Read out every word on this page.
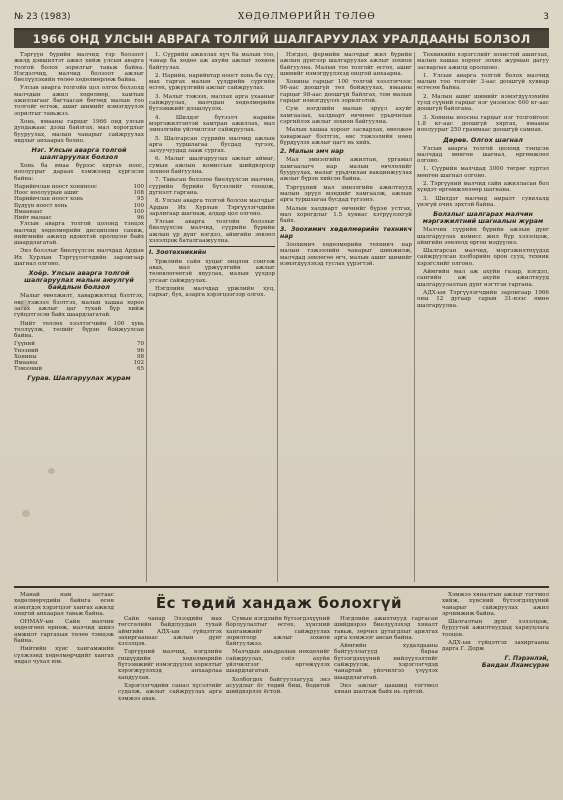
№ 23 (1983)	ХӨДӨЛМӨРИЙН ТӨЛӨӨ	3
1966 ОНД УЛСЫН АВРАГА ТОЛГИЙ ШАЛГАРУУЛАХ УРАЛДААНЫ БОЛЗОЛ

Тэргүүн бүрийн малчид тэр болзоот жилд дэвшилтэт ажил хийж улсын аварга толгой болох зорилгыг тавьж байна. Нэгдэлчид, малчид болзоот ажлыг биелүүлэхийн төлөө хөдөлмөрлөж байна.

Улсын аварга толгойн цол олгох болзолд малчдын ажил хөдөлмөр, хамтын ажиллагааг багтаасан бөгөөд малын тоо толгойг өсгөж, ашиг шимийг нэмэгдүүлэх зорилтыг тавьжээ.

Хонь, ямааны гарцыг 1966 онд улсын дундажаас дээш байлгах, мал хорогдлыг бууруулах, малын чанарыг сайжруулах явдлыг анхаарах болно.

Нэг. Улсын аварга толгой шалгаруулах болзол

Хонь ба ямаа бүрээс хяргах ноос, ноолуурыг дараах хэмжээнд хүргэсэн байна:

Нарийвчлан ноост хониноос	100
Ноос ноолуурын ашиг	108
Нарийвчлан ноост хонь	95
Бүдүүн ноост хонь	100
Ямаанаас	100
Нийт малаас	96

Улсын аварга толгой цолонд тэнцэх малчид хөдөлмөрийн дисциплин сахиж, нийгмийн ажилд идэвхтэй оролцсон байх шаардлагатай.

Энэ болзлыг биелүүлсэн малчдад Ардын Их Хурлын Тэргүүлэгчдийн зарлигаар шагнал олгоно.

Хоёр. Улсын аварга толгой шалгаруулах малын аюулгүй байдлын болзол

Малыг өвөлжилт, хаваржилтад бэлтгэх, өвс тэжээл бэлтгэх, малын хашаа хороо засах ажлыг цаг тухай бүр хийж гүйцэтгэсэн байх шаардлагатай.

Нийт төллөх хээлтэгчийн 100 хувь төллүүлж, төлийг бүрэн бойжуулсан байна.

Гүүний	70
Үнээний	96
Хонины	98
Ямааны	102
Тэмээний	65
Гурав. Шалгаруулах журам

1. Сүүрийн ажиллах хүч ба малын тоо, чанар ба хөдөө аж ахуйн ажлыг зохион байгуулах.

2. Нарийн, нарийвтар ноост хонь ба сүү, мах гаргах малын үүлдрийн сүргийн өсгөх, үржүүлгийн ажлыг сайжруулах.

3. Малыг тэжээх, маллах арга ухааныг сайжруулах, малчдын хөдөлмөрийн бүтээмжийг дээшлүүлэх.

4. Шилдэг бүтээлч нарийн мэргэжилтэнтэй хамтран ажиллах, мал эмнэлгийн үйлчилгээг сайжруулах.

5. Шалгарсан сүүрийн малчид ажлын арга туршлагаа бусдад түгээх, залуучуудад зааж сургах.

6. Малыг шалгаруулах ажлыг аймаг, сумын ажлын комиссын шийдвэрээр зохион байгуулна.

7. Тавьсан болзлоо биелүүлсэн малчин, сүүрийн бүрийн бүтээлийг тооцож, дүгнэлт гаргана.

8. Улсын аварга толгой болсон малчдыг Ардын Их Хурлын Тэргүүлэгчдийн зарлигаар шагнаж, алдар цол олгоно.

Улсын аварга толгойн болзлыг биелүүлсэн малчид, сүүрийн бүрийн ажлын үр дүнг нэгдэл, аймгийн зөвлөл хэлэлцэж баталгаажуулна.

I. Зоотехникийн

Үржлийн сайн хуцыг онцлон сонгож авах, мал үржүүлгийн ажлыг төлөвлөгөөтэй явуулах, малын үүлдэр угсааг сайжруулах.

Нэгдлийн малчдад үржлийн хуц, сархаг, бух, азарга хэрэгцээгээр олгох.

Нэгдэл, фермийн малчдыг жил бүрийн ажлын дүнгээр шалгаруулах ажлыг зохион байгуулна. Малын тоо толгойг өсгөх, ашиг шимийг нэмэгдүүлэхэд онцгой анхаарна.

Хонины гарцыг 100 толгой хээлтэгчээс 96-аас доошгүй төл бойжуулах, ямааны гарцыг 98-аас доошгүй байлгах, том малын гарцыг нэмэгдүүлэх зорилготой.

Сум нэгдлийн малын эрүүл ахуйг хамгаалах, халдварт өвчнөөс урьдчилан сэргийлэх ажлыг зохион байгуулна.

Малын хашаа хороог засварлах, өвөлжөө хаваржааг бэлтгэх, өвс тэжээлийн нөөц бүрдүүлэх ажлыг цагт нь хийх.

2. Малын эмч нар

Мал эмнэлгийн ажилтан, ургамал хамгаалагч нар малын өвчлөлийг бууруулах, малыг урьдчилан вакцинжуулах ажлыг бүрэн хийсэн байна.

Тэргүүний мал эмнэлгийн ажилтнууд малын эрүүл мэндийг хамгаалж, ажлын арга туршлагаа бусдад түгээнэ.

Малын халдварт өвчнийг бүрэн устгах, мал хорогдлыг 1.5 хувиас хэтрүүлэхгүй байх.

3. Зоохимич хөдөлмөрийн техникч нар

Зоохимич хөдөлмөрийн техникч нар малын тэжээлийн чанарыг шинжилж, малчдад зөвлөгөө өгч, малын ашиг шимийг нэмэгдүүлэхэд туслах үүрэгтэй.

Техникийн хэрэгслийг зохистой ашиглах, малын хашаа хороог зохих журмын дагуу засварлах ажилд оролцоно.

1. Улсын аварга толгой болох малчид малын тоо толгойг 3-аас доошгүй хувиар өсгөсөн байна.

2. Малын ашиг шимийг нэмэгдүүлэхийн тулд сүүний гарцыг нэг үнээнээс 600 кг-аас доошгүй байлгана.

3. Хонины ноосны гарцыг нэг толгойгоос 1.8 кг-аас доошгүй хяргах, ямааны ноолуурыг 250 граммаас доошгүй самнах.

Дөрөв. Олгох шагнал

Улсын аварга толгой цолонд тэнцсэн малчдад мөнгөн шагнал, өргөмжлөл олгоно.

1. Сүүрийн малчдад 3000 төгрөг хүртэл мөнгөн шагнал олгоно.

2. Тэргүүний малчид сайн ажилласан бол хүндэт өргөмжлөлөөр шагнана.

3. Шилдэг малчид амралт сувилалд үнэгүй очих эрхтэй байна.

Болзлыг шалгарах малчин мэргэжилтний шагналын журам

Малчин сүүрийн бүрийн ажлын дүнг шалгаруулах комисс жил бүр хэлэлцэж, аймгийн зөвлөлд өргөн мэдүүлнэ.

Шалгарсан малчид, мэргэжилтнүүдэд сайжруулсан хэлбэрийн орон сууц, техник хэрэгслийг олгоно.

Аймгийн мал аж ахуйн газар, нэгдэл, сангийн аж ахуйн ажилтнууд шалгаруулалтын дүнг нэгтгэн гаргана.

АДХ-ын Тэргүүлэгчдийн зарлигаар 1966 оны 12 дугаар сарын 31-нээс өмнө шалгаруулна.

Ёс төдий хандаж болохгүй

Манай нам засгаас хөдөлмөрчдийн байнга өсөн нэмэгдэх хэрэгцээг хангах ажилд онцгой анхаарал тавьж байна.

ОНМАУ-ын Сайн малчин хөдөлгөөн өрнөж, малчид шинэ амжилт гаргахын төлөө тэмцэж байна.

Нийтийн хүнс хангамжийн сүлжээнд хөдөлмөрчдийг хангах явдал чухал юм.

Сайн чанар Элээдийн мах төгсгөлийн байдлуудын тухай аймгийн АДХ-ын гүйцэтгэх захиргаанаас ажлын дүнг хэлэлцэв.

Тэргүүний малчид, нэгдлийн гишүүдийн хөдөлмөрийн бүтээмжийг нэмэгдүүлэх зорилтыг хэрэгжүүлэхэд анхаарлаа хандуулав.

Хэрэглэгчдийн санал хүсэлтийг судалж, ажлыг сайжруулах арга хэмжээ авав.

Сумын нэгдлийн бүтээгдэхүүний борлуулалтыг өсгөх, хүнсний хангамжийг сайжруулах зорилгоор ажлыг зохион байгуулжээ.

Малчдын амьдралын нөхцөлийг сайжруулах, соёл ахуйн үйлчилгээг өргөжүүлэх шаардлагатай.

Холбогдох байгууллагууд энэ асуудлыг ёс төдий биш, бодитой шийдвэрлэх ёстой.

Нэгдлийн ажилтнууд гаргасан шийдвэрээ биелүүлэхэд хяналт тавьж, зөрчил дутагдлыг арилгах арга хэмжээг авсан байна.

Аймгийн худалдааны байгууллагууд бараа бүтээгдэхүүний нийлүүлэлтийг сайжруулж, хэрэглэгчдэд чанартай үйлчилгээ үзүүлэх шаардлагатай.

Энэ ажлыг цаашид тогтмол хянан шалгаж байх нь зүйтэй.

Хэмжээ хяналтын ажлыг тогтмол хийж, хүнсний бүтээгдэхүүний чанарыг сайжруулах ажил эрчимжиж байна.

Шалгалтын дүнг хэлэлцэж, буруутай ажилтнуудад хариуцлага тооцов.

АДХ-ын гүйцэтгэх захиргааны дарга Г. Дорж

Г. Пэрэнлэй,
Бандан Лхамсүрэн
